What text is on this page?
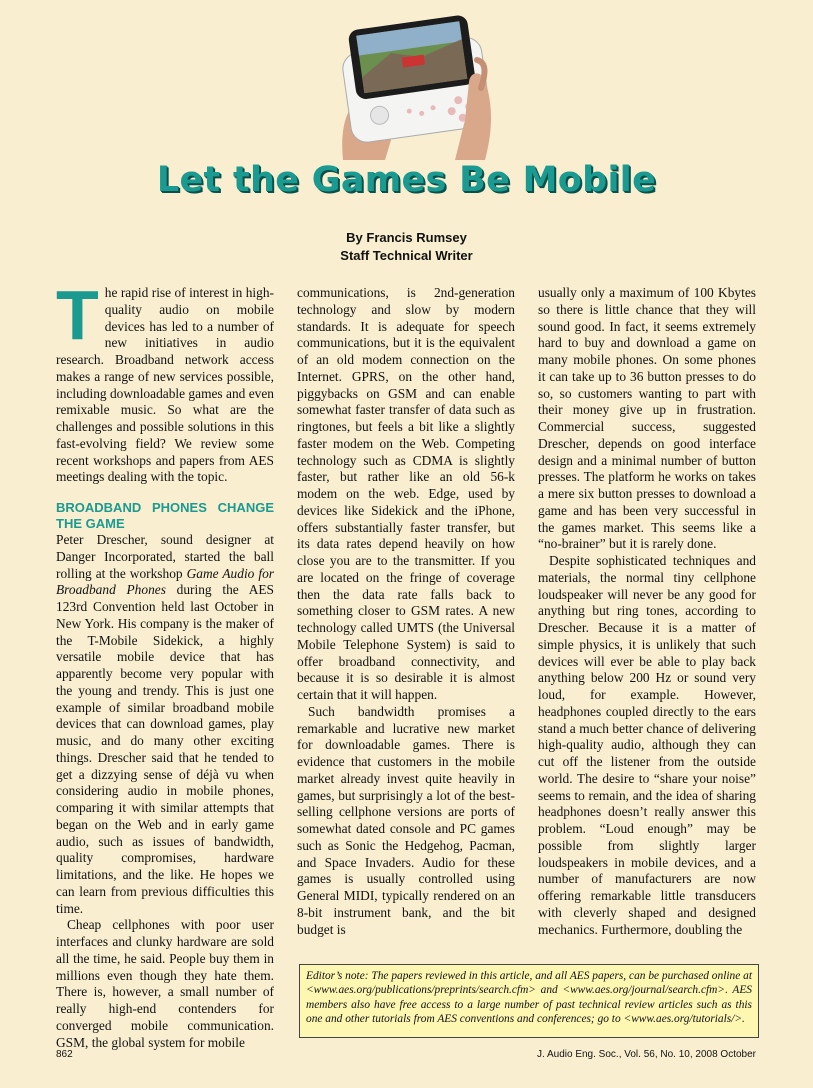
Let the Games Be Mobile
By Francis Rumsey
Staff Technical Writer

The rapid rise of interest in high-quality audio on mobile devices has led to a number of new initiatives in audio research. Broadband network access makes a range of new services possible, including downloadable games and even remixable music. So what are the challenges and possible solutions in this fast-evolving field? We review some recent workshops and papers from AES meetings dealing with the topic.

BROADBAND PHONES CHANGE THE GAME

Peter Drescher, sound designer at Danger Incorporated, started the ball rolling at the workshop Game Audio for Broadband Phones during the AES 123rd Convention held last October in New York. His company is the maker of the T-Mobile Sidekick, a highly versatile mobile device that has apparently become very popular with the young and trendy. This is just one example of similar broadband mobile devices that can download games, play music, and do many other exciting things. Drescher said that he tended to get a dizzying sense of déjà vu when considering audio in mobile phones, comparing it with similar attempts that began on the Web and in early game audio, such as issues of bandwidth, quality compromises, hardware limitations, and the like. He hopes we can learn from previous difficulties this time.

Cheap cellphones with poor user interfaces and clunky hardware are sold all the time, he said. People buy them in millions even though they hate them. There is, however, a small number of really high-end contenders for converged mobile communication. GSM, the global system for mobile

communications, is 2nd-generation technology and slow by modern standards. It is adequate for speech communications, but it is the equivalent of an old modem connection on the Internet. GPRS, on the other hand, piggybacks on GSM and can enable somewhat faster transfer of data such as ringtones, but feels a bit like a slightly faster modem on the Web. Competing technology such as CDMA is slightly faster, but rather like an old 56-k modem on the web. Edge, used by devices like Sidekick and the iPhone, offers substantially faster transfer, but its data rates depend heavily on how close you are to the transmitter. If you are located on the fringe of coverage then the data rate falls back to something closer to GSM rates. A new technology called UMTS (the Universal Mobile Telephone System) is said to offer broadband connectivity, and because it is so desirable it is almost certain that it will happen.

Such bandwidth promises a remarkable and lucrative new market for downloadable games. There is evidence that customers in the mobile market already invest quite heavily in games, but surprisingly a lot of the best-selling cellphone versions are ports of somewhat dated console and PC games such as Sonic the Hedgehog, Pacman, and Space Invaders. Audio for these games is usually controlled using General MIDI, typically rendered on an 8-bit instrument bank, and the bit budget is

usually only a maximum of 100 Kbytes so there is little chance that they will sound good. In fact, it seems extremely hard to buy and download a game on many mobile phones. On some phones it can take up to 36 button presses to do so, so customers wanting to part with their money give up in frustration. Commercial success, suggested Drescher, depends on good interface design and a minimal number of button presses. The platform he works on takes a mere six button presses to download a game and has been very successful in the games market. This seems like a “no-brainer” but it is rarely done.

Despite sophisticated techniques and materials, the normal tiny cellphone loudspeaker will never be any good for anything but ring tones, according to Drescher. Because it is a matter of simple physics, it is unlikely that such devices will ever be able to play back anything below 200 Hz or sound very loud, for example. However, headphones coupled directly to the ears stand a much better chance of delivering high-quality audio, although they can cut off the listener from the outside world. The desire to “share your noise” seems to remain, and the idea of sharing headphones doesn’t really answer this problem. “Loud enough” may be possible from slightly larger loudspeakers in mobile devices, and a number of manufacturers are now offering remarkable little transducers with cleverly shaped and designed mechanics. Furthermore, doubling the

Editor’s note: The papers reviewed in this article, and all AES papers, can be purchased online at <www.aes.org/publications/preprints/search.cfm> and <www.aes.org/journal/search.cfm>. AES members also have free access to a large number of past technical review articles such as this one and other tutorials from AES conventions and conferences; go to <www.aes.org/tutorials/>.
862	J. Audio Eng. Soc., Vol. 56, No. 10, 2008 October
